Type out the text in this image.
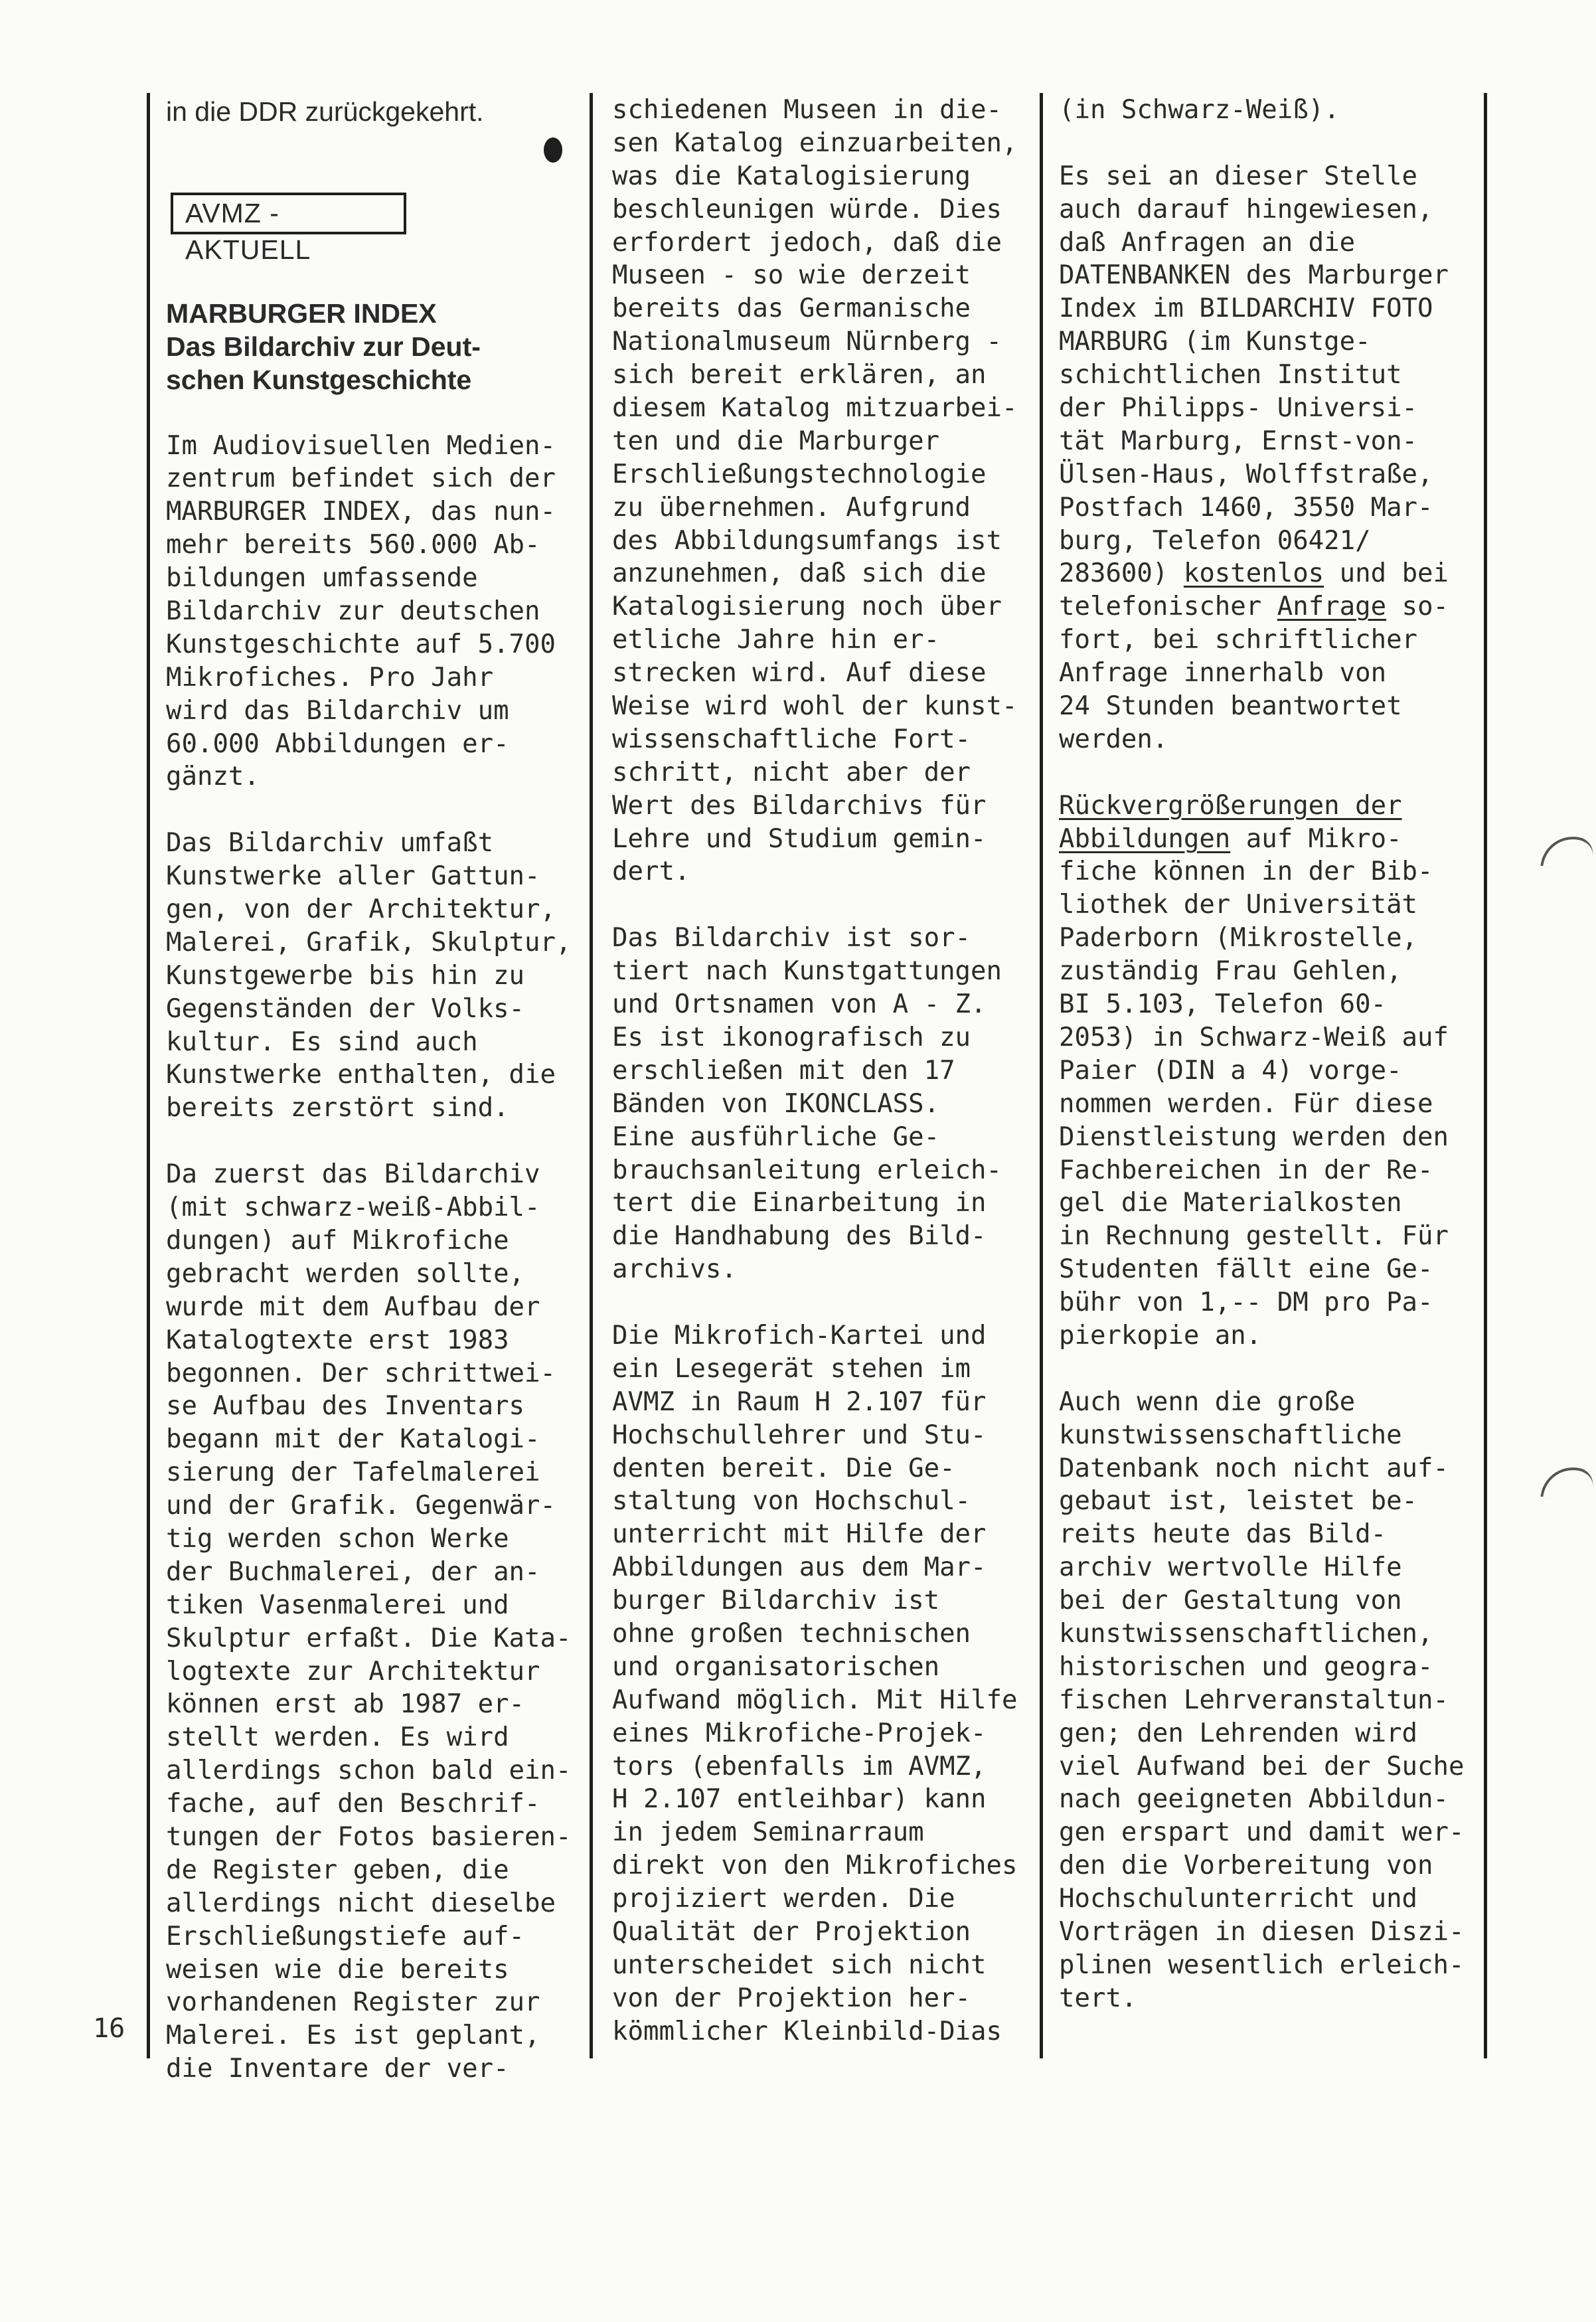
16
AVMZ - AKTUELL
in die DDR zurückgekehrt.
MARBURGER INDEX
Das Bildarchiv zur Deut-
schen Kunstgeschichte

Im Audiovisuellen Medien-
zentrum befindet sich der
MARBURGER INDEX, das nun-
mehr bereits 560.000 Ab-
bildungen umfassende
Bildarchiv zur deutschen
Kunstgeschichte auf 5.700
Mikrofiches. Pro Jahr
wird das Bildarchiv um
60.000 Abbildungen er-
gänzt.

Das Bildarchiv umfaßt
Kunstwerke aller Gattun-
gen, von der Architektur,
Malerei, Grafik, Skulptur,
Kunstgewerbe bis hin zu
Gegenständen der Volks-
kultur. Es sind auch
Kunstwerke enthalten, die
bereits zerstört sind.

Da zuerst das Bildarchiv
(mit schwarz-weiß-Abbil-
dungen) auf Mikrofiche
gebracht werden sollte,
wurde mit dem Aufbau der
Katalogtexte erst 1983
begonnen. Der schrittwei-
se Aufbau des Inventars
begann mit der Katalogi-
sierung der Tafelmalerei
und der Grafik. Gegenwär-
tig werden schon Werke
der Buchmalerei, der an-
tiken Vasenmalerei und
Skulptur erfaßt. Die Kata-
logtexte zur Architektur
können erst ab 1987 er-
stellt werden. Es wird
allerdings schon bald ein-
fache, auf den Beschrif-
tungen der Fotos basieren-
de Register geben, die
allerdings nicht dieselbe
Erschließungstiefe auf-
weisen wie die bereits
vorhandenen Register zur
Malerei. Es ist geplant,
die Inventare der ver-

schiedenen Museen in die-
sen Katalog einzuarbeiten,
was die Katalogisierung
beschleunigen würde. Dies
erfordert jedoch, daß die
Museen - so wie derzeit
bereits das Germanische
Nationalmuseum Nürnberg -
sich bereit erklären, an
diesem Katalog mitzuarbei-
ten und die Marburger
Erschließungstechnologie
zu übernehmen. Aufgrund
des Abbildungsumfangs ist
anzunehmen, daß sich die
Katalogisierung noch über
etliche Jahre hin er-
strecken wird. Auf diese
Weise wird wohl der kunst-
wissenschaftliche Fort-
schritt, nicht aber der
Wert des Bildarchivs für
Lehre und Studium gemin-
dert.

Das Bildarchiv ist sor-
tiert nach Kunstgattungen
und Ortsnamen von A - Z.
Es ist ikonografisch zu
erschließen mit den 17
Bänden von IKONCLASS.
Eine ausführliche Ge-
brauchsanleitung erleich-
tert die Einarbeitung in
die Handhabung des Bild-
archivs.

Die Mikrofich-Kartei und
ein Lesegerät stehen im
AVMZ in Raum H 2.107 für
Hochschullehrer und Stu-
denten bereit. Die Ge-
staltung von Hochschul-
unterricht mit Hilfe der
Abbildungen aus dem Mar-
burger Bildarchiv ist
ohne großen technischen
und organisatorischen
Aufwand möglich. Mit Hilfe
eines Mikrofiche-Projek-
tors (ebenfalls im AVMZ,
H 2.107 entleihbar) kann
in jedem Seminarraum
direkt von den Mikrofiches
projiziert werden. Die
Qualität der Projektion
unterscheidet sich nicht
von der Projektion her-
kömmlicher Kleinbild-Dias

(in Schwarz-Weiß).

Es sei an dieser Stelle
auch darauf hingewiesen,
daß Anfragen an die
DATENBANKEN des Marburger
Index im BILDARCHIV FOTO
MARBURG (im Kunstge-
schichtlichen Institut
der Philipps- Universi-
tät Marburg, Ernst-von-
Ülsen-Haus, Wolffstraße,
Postfach 1460, 3550 Mar-
burg, Telefon 06421/
283600) kostenlos und bei
telefonischer Anfrage so-
fort, bei schriftlicher
Anfrage innerhalb von
24 Stunden beantwortet
werden.

Rückvergrößerungen der
Abbildungen auf Mikro-
fiche können in der Bib-
liothek der Universität
Paderborn (Mikrostelle,
zuständig Frau Gehlen,
BI 5.103, Telefon 60-
2053) in Schwarz-Weiß auf
Paier (DIN a 4) vorge-
nommen werden. Für diese
Dienstleistung werden den
Fachbereichen in der Re-
gel die Materialkosten
in Rechnung gestellt. Für
Studenten fällt eine Ge-
bühr von 1,-- DM pro Pa-
pierkopie an.

Auch wenn die große
kunstwissenschaftliche
Datenbank noch nicht auf-
gebaut ist, leistet be-
reits heute das Bild-
archiv wertvolle Hilfe
bei der Gestaltung von
kunstwissenschaftlichen,
historischen und geogra-
fischen Lehrveranstaltun-
gen; den Lehrenden wird
viel Aufwand bei der Suche
nach geeigneten Abbildun-
gen erspart und damit wer-
den die Vorbereitung von
Hochschulunterricht und
Vorträgen in diesen Diszi-
plinen wesentlich erleich-
tert.
